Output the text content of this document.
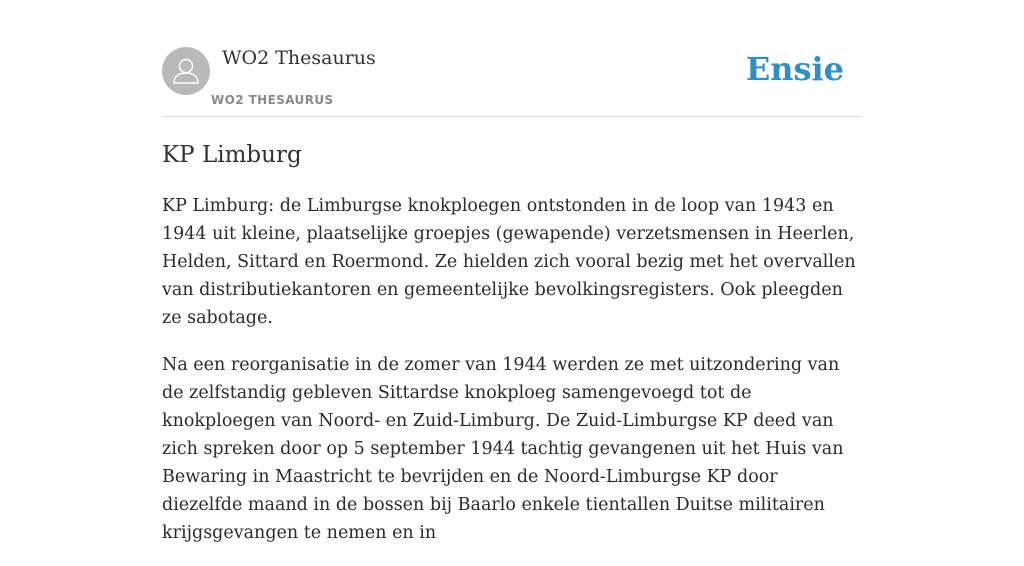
WO2 Thesaurus
WO2 THESAURUS
Ensie
KP Limburg

KP Limburg: de Limburgse knokploegen ontstonden in de loop van 1943 en 1944 uit kleine, plaatselijke groepjes (gewapende) verzetsmensen in Heerlen, Helden, Sittard en Roermond. Ze hielden zich vooral bezig met het overvallen van distributiekantoren en gemeentelijke bevolkingsregisters. Ook pleegden ze sabotage.

Na een reorganisatie in de zomer van 1944 werden ze met uitzondering van de zelfstandig gebleven Sittardse knokploeg samengevoegd tot de knokploegen van Noord- en Zuid-Limburg. De Zuid-Limburgse KP deed van zich spreken door op 5 september 1944 tachtig gevangenen uit het Huis van Bewaring in Maastricht te bevrijden en de Noord-Limburgse KP door diezelfde maand in de bossen bij Baarlo enkele tientallen Duitse militairen krijgsgevangen te nemen en in
